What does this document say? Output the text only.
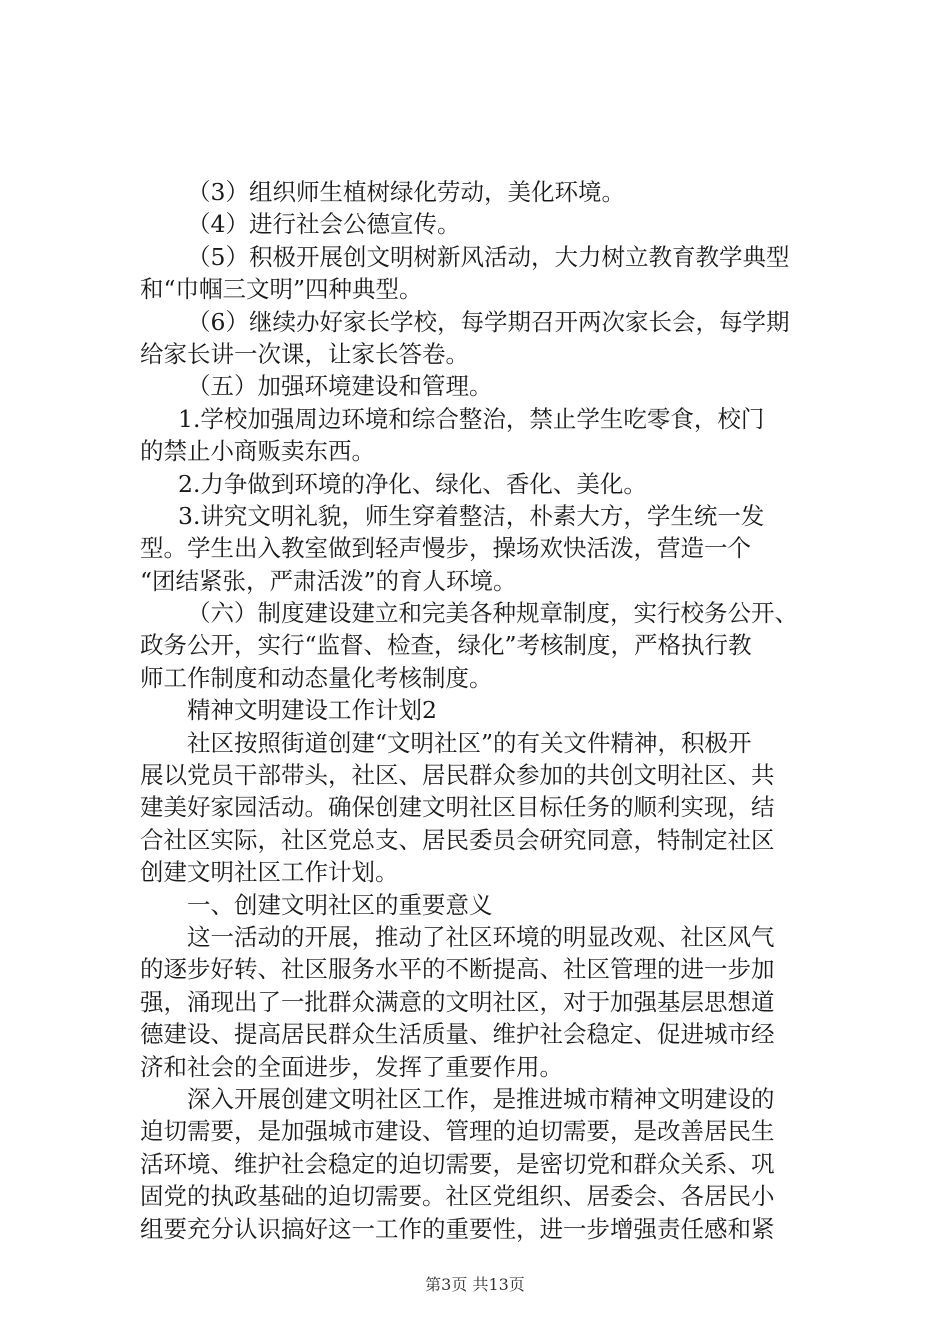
（3）组织师生植树绿化劳动，美化环境。
（4）进行社会公德宣传。
（5）积极开展创文明树新风活动，大力树立教育教学典型
和“巾帼三文明”四种典型。
（6）继续办好家长学校，每学期召开两次家长会，每学期
给家长讲一次课，让家长答卷。
（五）加强环境建设和管理。
1.学校加强周边环境和综合整治，禁止学生吃零食，校门
的禁止小商贩卖东西。
2.力争做到环境的净化、绿化、香化、美化。
3.讲究文明礼貌，师生穿着整洁，朴素大方，学生统一发
型。学生出入教室做到轻声慢步，操场欢快活泼，营造一个
“团结紧张，严肃活泼”的育人环境。
（六）制度建设建立和完美各种规章制度，实行校务公开、
政务公开，实行“监督、检查，绿化”考核制度，严格执行教
师工作制度和动态量化考核制度。
精神文明建设工作计划2
社区按照街道创建“文明社区”的有关文件精神，积极开
展以党员干部带头，社区、居民群众参加的共创文明社区、共
建美好家园活动。确保创建文明社区目标任务的顺利实现，结
合社区实际，社区党总支、居民委员会研究同意，特制定社区
创建文明社区工作计划。
一、创建文明社区的重要意义
这一活动的开展，推动了社区环境的明显改观、社区风气
的逐步好转、社区服务水平的不断提高、社区管理的进一步加
强，涌现出了一批群众满意的文明社区，对于加强基层思想道
德建设、提高居民群众生活质量、维护社会稳定、促进城市经
济和社会的全面进步，发挥了重要作用。
深入开展创建文明社区工作，是推进城市精神文明建设的
迫切需要，是加强城市建设、管理的迫切需要，是改善居民生
活环境、维护社会稳定的迫切需要，是密切党和群众关系、巩
固党的执政基础的迫切需要。社区党组织、居委会、各居民小
组要充分认识搞好这一工作的重要性，进一步增强责任感和紧
第3页 共13页
